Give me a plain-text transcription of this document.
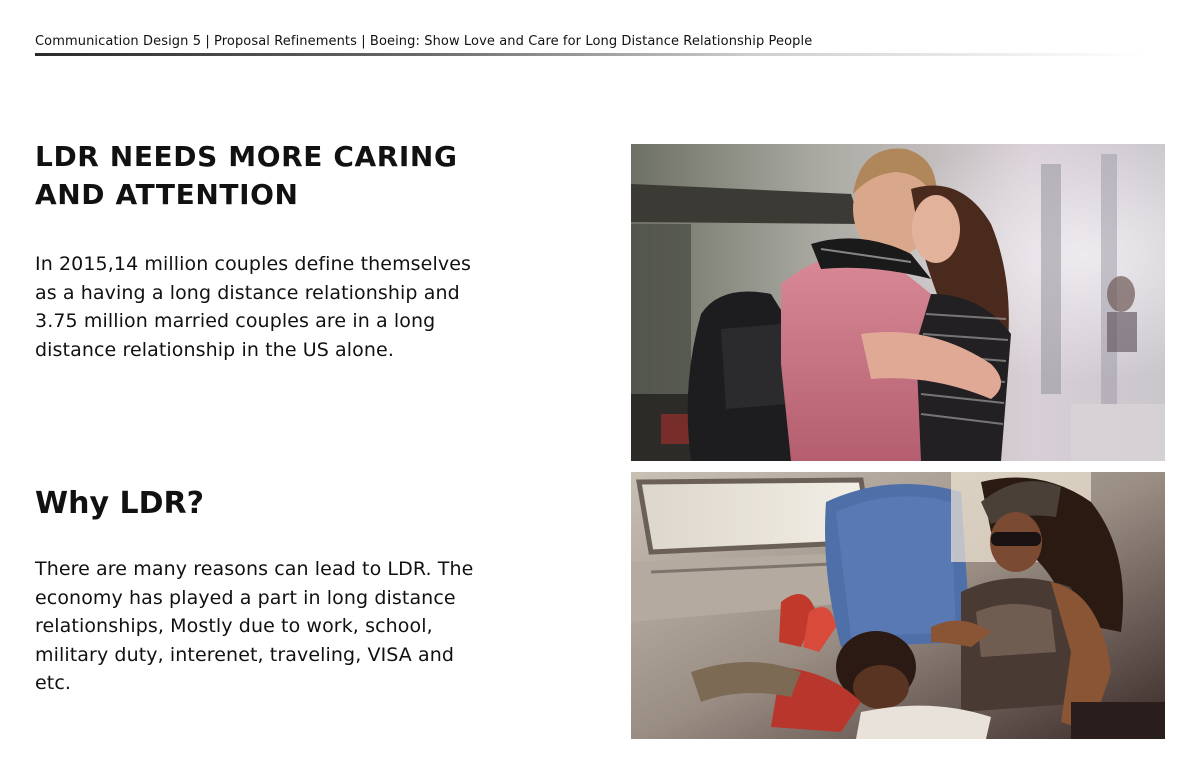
Communication Design 5 | Proposal Refinements | Boeing: Show Love and Care for Long Distance Relationship People
LDR NEEDS MORE CARING
AND ATTENTION

In 2015,14 million couples define themselves as a having a long distance relationship and 3.75 million married couples are in a long distance relationship in the US alone.

Why LDR?

There are many reasons can lead to LDR. The economy has played a part in long distance relationships, Mostly due to work, school, military duty, interenet, traveling, VISA and etc.
